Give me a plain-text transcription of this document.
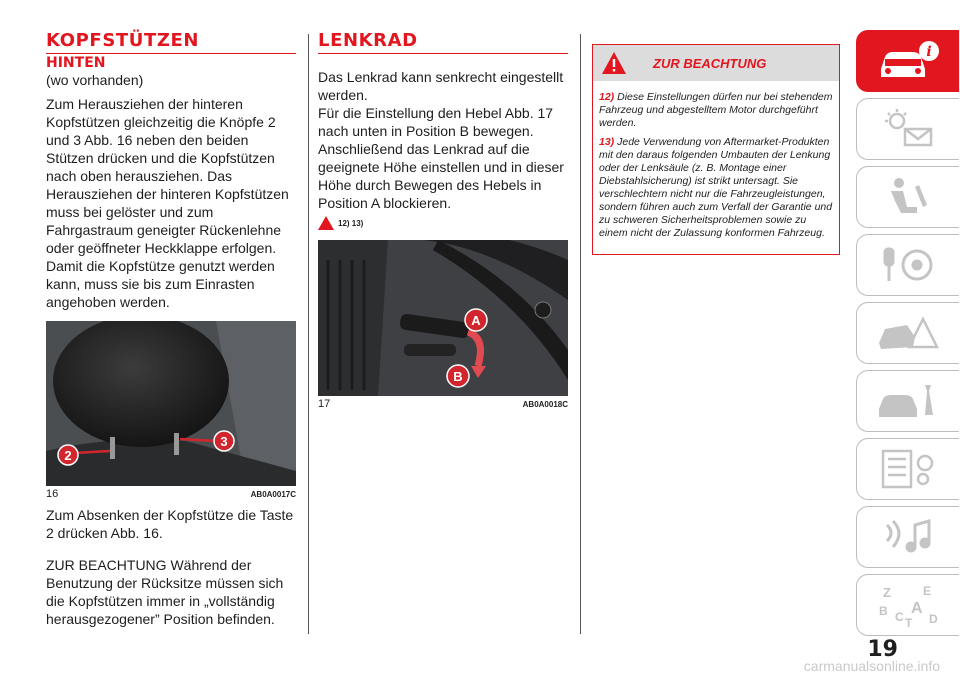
KOPFSTÜTZEN
HINTEN

(wo vorhanden)

Zum Herausziehen der hinteren Kopfstützen gleichzeitig die Knöpfe 2 und 3 Abb. 16 neben den beiden Stützen drücken und die Kopfstützen nach oben herausziehen. Das Herausziehen der hinteren Kopfstützen muss bei gelöster und zum Fahrgastraum geneigter Rückenlehne oder geöffneter Heckklappe erfolgen. Damit die Kopfstütze genutzt werden kann, muss sie bis zum Einrasten angehoben werden.

2
3
16	AB0A0017C

Zum Absenken der Kopfstütze die Taste 2 drücken Abb. 16.

ZUR BEACHTUNG Während der Benutzung der Rücksitze müssen sich die Kopfstützen immer in „vollständig herausgezogener” Position befinden.

LENKRAD

Das Lenkrad kann senkrecht eingestellt werden.

Für die Einstellung den Hebel Abb. 17 nach unten in Position B bewegen. Anschließend das Lenkrad auf die geeignete Höhe einstellen und in dieser Höhe durch Bewegen des Hebels in Position A blockieren.

12) 13)
A
B
17	AB0A0018C
ZUR BEACHTUNG

12) Diese Einstellungen dürfen nur bei stehendem Fahrzeug und abgestelltem Motor durchgeführt werden.

13) Jede Verwendung von Aftermarket-Produkten mit den daraus folgenden Umbauten der Lenkung oder der Lenksäule (z. B. Montage einer Diebstahlsicherung) ist strikt untersagt. Sie verschlechtern nicht nur die Fahrzeugleistungen, sondern führen auch zum Verfall der Garantie und zu schweren Sicherheitsproblemen sowie zu einem nicht der Zulassung konformen Fahrzeug.

i
Z	E
B A
C T D
19
carmanualsonline.info
